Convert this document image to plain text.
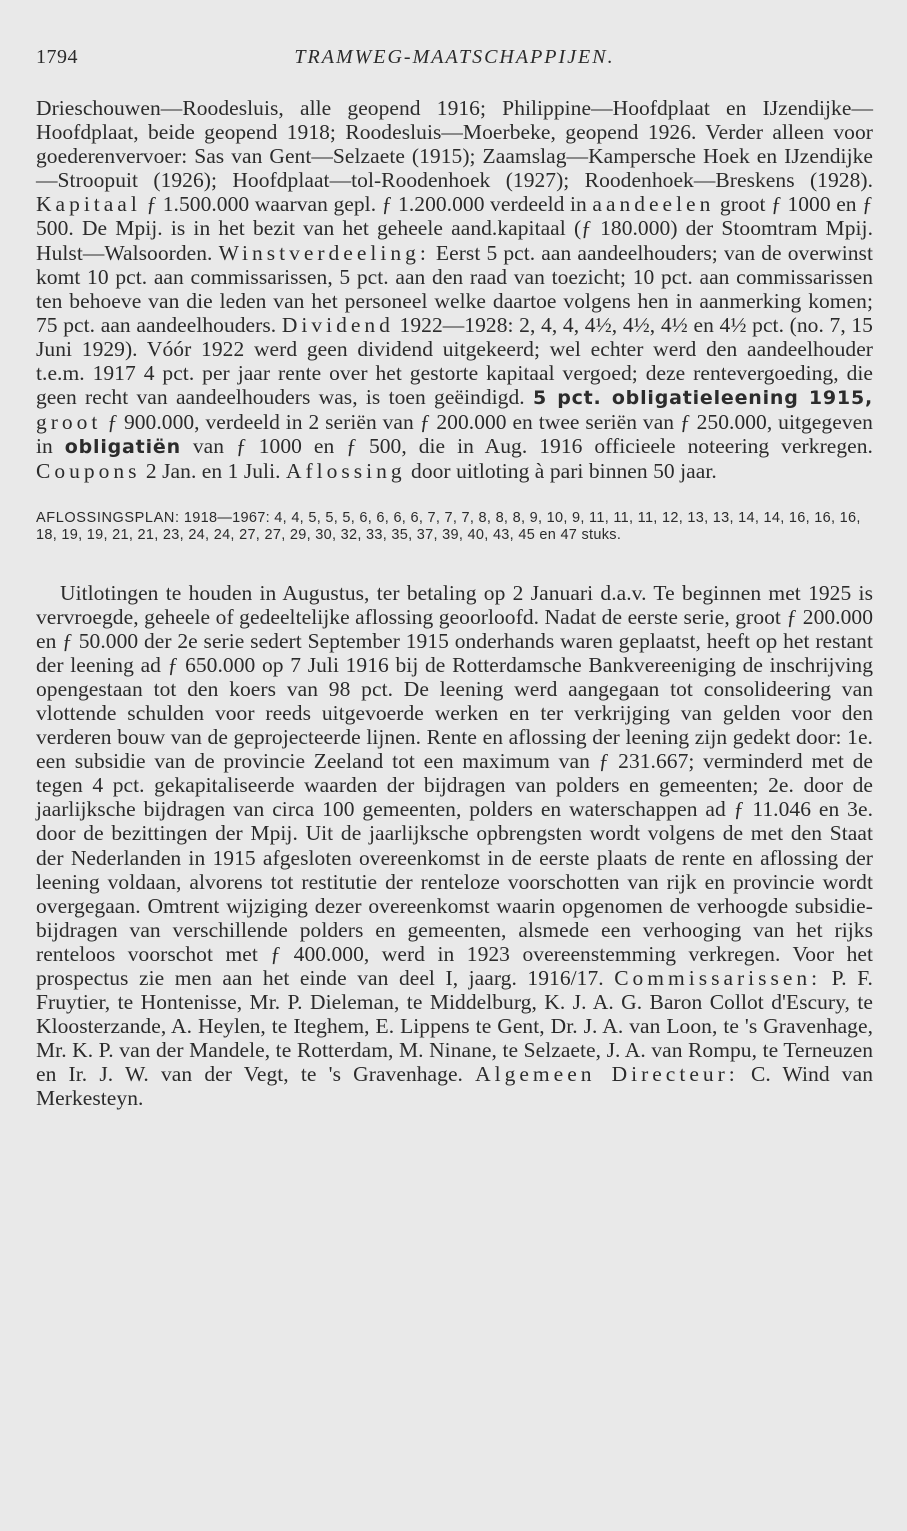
1794	TRAMWEG-MAATSCHAPPIJEN.

Drieschouwen—Roodesluis, alle geopend 1916; Philippine—Hoofdplaat en IJzendijke—Hoofdplaat, beide geopend 1918; Roodesluis—Moerbeke, geopend 1926. Verder alleen voor goederenvervoer: Sas van Gent—Selzaete (1915); Zaamslag—Kampersche Hoek en IJzendijke—Stroopuit (1926); Hoofdplaat—tol-Roodenhoek (1927); Roodenhoek—Breskens (1928). Kapitaal ƒ 1.500.000 waarvan gepl. ƒ 1.200.000 verdeeld in aandeelen groot ƒ 1000 en ƒ 500. De Mpij. is in het bezit van het geheele aand.kapitaal (ƒ 180.000) der Stoomtram Mpij. Hulst—Walsoorden. Winstverdeeling: Eerst 5 pct. aan aandeelhouders; van de overwinst komt 10 pct. aan commissarissen, 5 pct. aan den raad van toezicht; 10 pct. aan commissarissen ten behoeve van die leden van het personeel welke daartoe volgens hen in aanmerking komen; 75 pct. aan aandeelhouders. Dividend 1922—1928: 2, 4, 4, 4½, 4½, 4½ en 4½ pct. (no. 7, 15 Juni 1929). Vóór 1922 werd geen dividend uitgekeerd; wel echter werd den aandeelhouder t.e.m. 1917 4 pct. per jaar rente over het gestorte kapitaal vergoed; deze rentevergoeding, die geen recht van aandeelhouders was, is toen geëindigd. 5 pct. obligatieleening 1915, groot ƒ 900.000, verdeeld in 2 seriën van ƒ 200.000 en twee seriën van ƒ 250.000, uitgegeven in obligatiën van ƒ 1000 en ƒ 500, die in Aug. 1916 officieele noteering verkregen. Coupons 2 Jan. en 1 Juli. Aflossing door uitloting à pari binnen 50 jaar.

AFLOSSINGSPLAN: 1918—1967: 4, 4, 5, 5, 5, 6, 6, 6, 6, 7, 7, 7, 8, 8, 8, 9, 10, 9, 11, 11, 11, 12, 13, 13, 14, 14, 16, 16, 16, 18, 19, 19, 21, 21, 23, 24, 24, 27, 27, 29, 30, 32, 33, 35, 37, 39, 40, 43, 45 en 47 stuks.

Uitlotingen te houden in Augustus, ter betaling op 2 Januari d.a.v. Te beginnen met 1925 is vervroegde, geheele of gedeeltelijke aflossing geoorloofd. Nadat de eerste serie, groot ƒ 200.000 en ƒ 50.000 der 2e serie sedert September 1915 onderhands waren geplaatst, heeft op het restant der leening ad ƒ 650.000 op 7 Juli 1916 bij de Rotterdamsche Bankvereeniging de inschrijving opengestaan tot den koers van 98 pct. De leening werd aangegaan tot consolideering van vlottende schulden voor reeds uitgevoerde werken en ter verkrijging van gelden voor den verderen bouw van de geprojecteerde lijnen. Rente en aflossing der leening zijn gedekt door: 1e. een subsidie van de provincie Zeeland tot een maximum van ƒ 231.667; verminderd met de tegen 4 pct. gekapitaliseerde waarden der bijdragen van polders en gemeenten; 2e. door de jaarlijksche bijdragen van circa 100 gemeenten, polders en waterschappen ad ƒ 11.046 en 3e. door de bezittingen der Mpij. Uit de jaarlijksche opbrengsten wordt volgens de met den Staat der Nederlanden in 1915 afgesloten overeenkomst in de eerste plaats de rente en aflossing der leening voldaan, alvorens tot restitutie der renteloze voorschotten van rijk en provincie wordt overgegaan. Omtrent wijziging dezer overeenkomst waarin opgenomen de verhoogde subsidie-bijdragen van verschillende polders en gemeenten, alsmede een verhooging van het rijks renteloos voorschot met ƒ 400.000, werd in 1923 overeenstemming verkregen. Voor het prospectus zie men aan het einde van deel I, jaarg. 1916/17. Commissarissen: P. F. Fruytier, te Hontenisse, Mr. P. Dieleman, te Middelburg, K. J. A. G. Baron Collot d'Escury, te Kloosterzande, A. Heylen, te Iteghem, E. Lippens te Gent, Dr. J. A. van Loon, te 's Gravenhage, Mr. K. P. van der Mandele, te Rotterdam, M. Ninane, te Selzaete, J. A. van Rompu, te Terneuzen en Ir. J. W. van der Vegt, te 's Gravenhage. Algemeen Directeur: C. Wind van Merkesteyn.
